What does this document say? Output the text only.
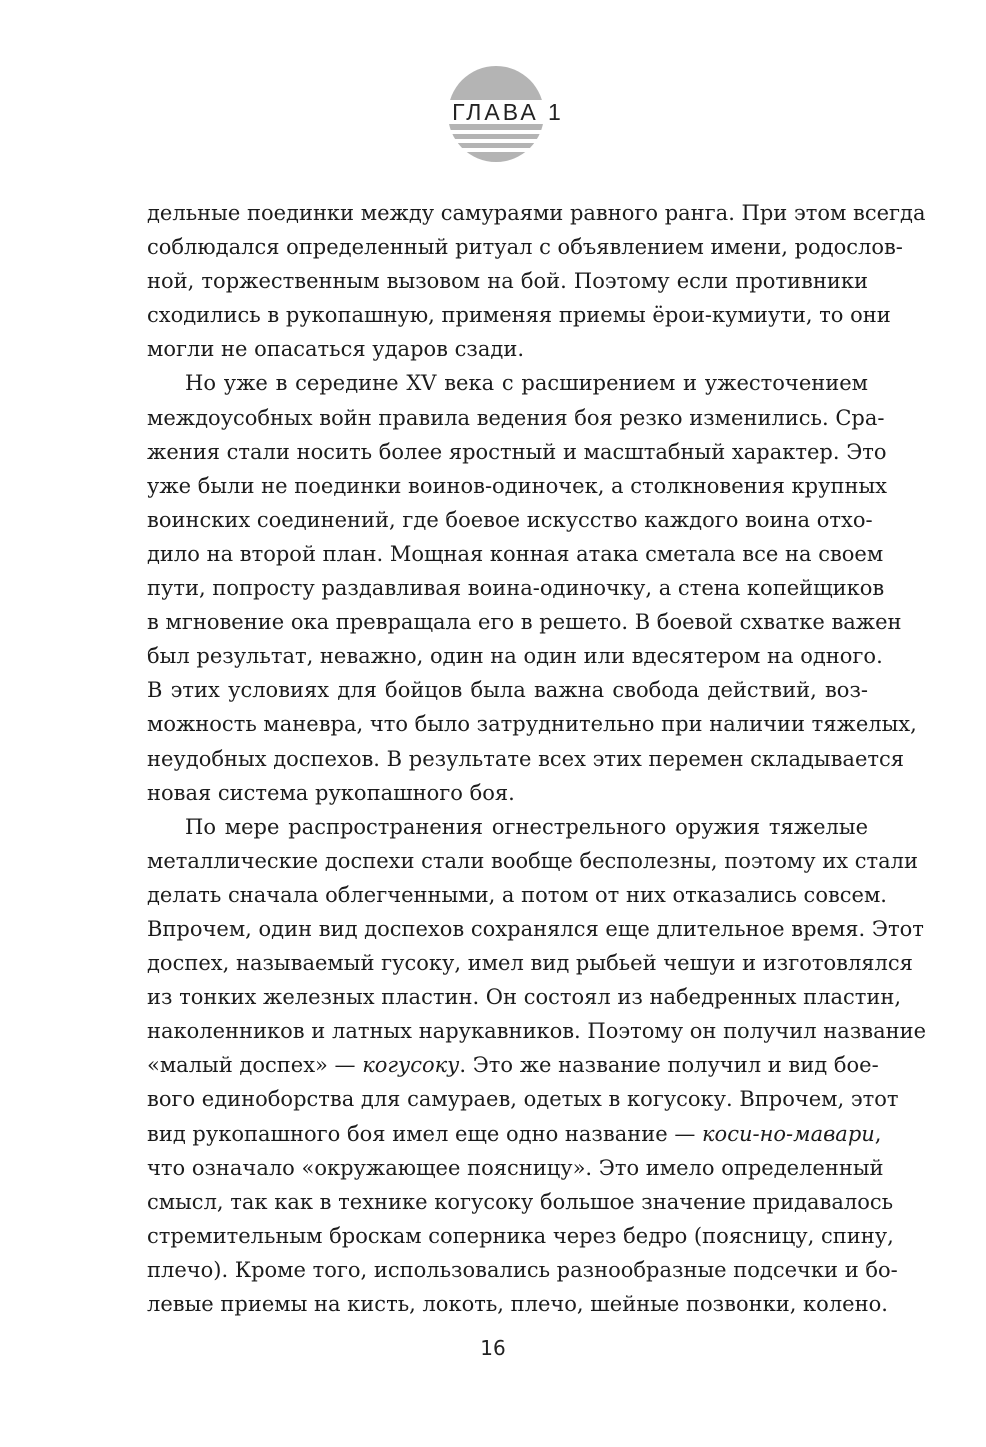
ГЛАВА 1
дельные поединки между самураями равного ранга. При этом всегда
соблюдался определенный ритуал с объявлением имени, родослов-
ной, торжественным вызовом на бой. Поэтому если противники
сходились в рукопашную, применяя приемы ёрои-кумиути, то они
могли не опасаться ударов сзади.
Но уже в середине XV века с расширением и ужесточением
междоусобных войн правила ведения боя резко изменились. Сра-
жения стали носить более яростный и масштабный характер. Это
уже были не поединки воинов-одиночек, а столкновения крупных
воинских соединений, где боевое искусство каждого воина отхо-
дило на второй план. Мощная конная атака сметала все на своем
пути, попросту раздавливая воина-одиночку, а стена копейщиков
в мгновение ока превращала его в решето. В боевой схватке важен
был результат, неважно, один на один или вдесятером на одного.
В этих условиях для бойцов была важна свобода действий, воз-
можность маневра, что было затруднительно при наличии тяжелых,
неудобных доспехов. В результате всех этих перемен складывается
новая система рукопашного боя.
По мере распространения огнестрельного оружия тяжелые
металлические доспехи стали вообще бесполезны, поэтому их стали
делать сначала облегченными, а потом от них отказались совсем.
Впрочем, один вид доспехов сохранялся еще длительное время. Этот
доспех, называемый гусоку, имел вид рыбьей чешуи и изготовлялся
из тонких железных пластин. Он состоял из набедренных пластин,
наколенников и латных нарукавников. Поэтому он получил название
«малый доспех» — когусоку. Это же название получил и вид боe-
вого единоборства для самураев, одетых в когусоку. Впрочем, этот
вид рукопашного боя имел еще одно название — коси-но-мавари,
что означало «окружающее поясницу». Это имело определенный
смысл, так как в технике когусоку большое значение придавалось
стремительным броскам соперника через бедро (поясницу, спину,
плечо). Кроме того, использовались разнообразные подсечки и бо-
левые приемы на кисть, локоть, плечо, шейные позвонки, колено.
16
